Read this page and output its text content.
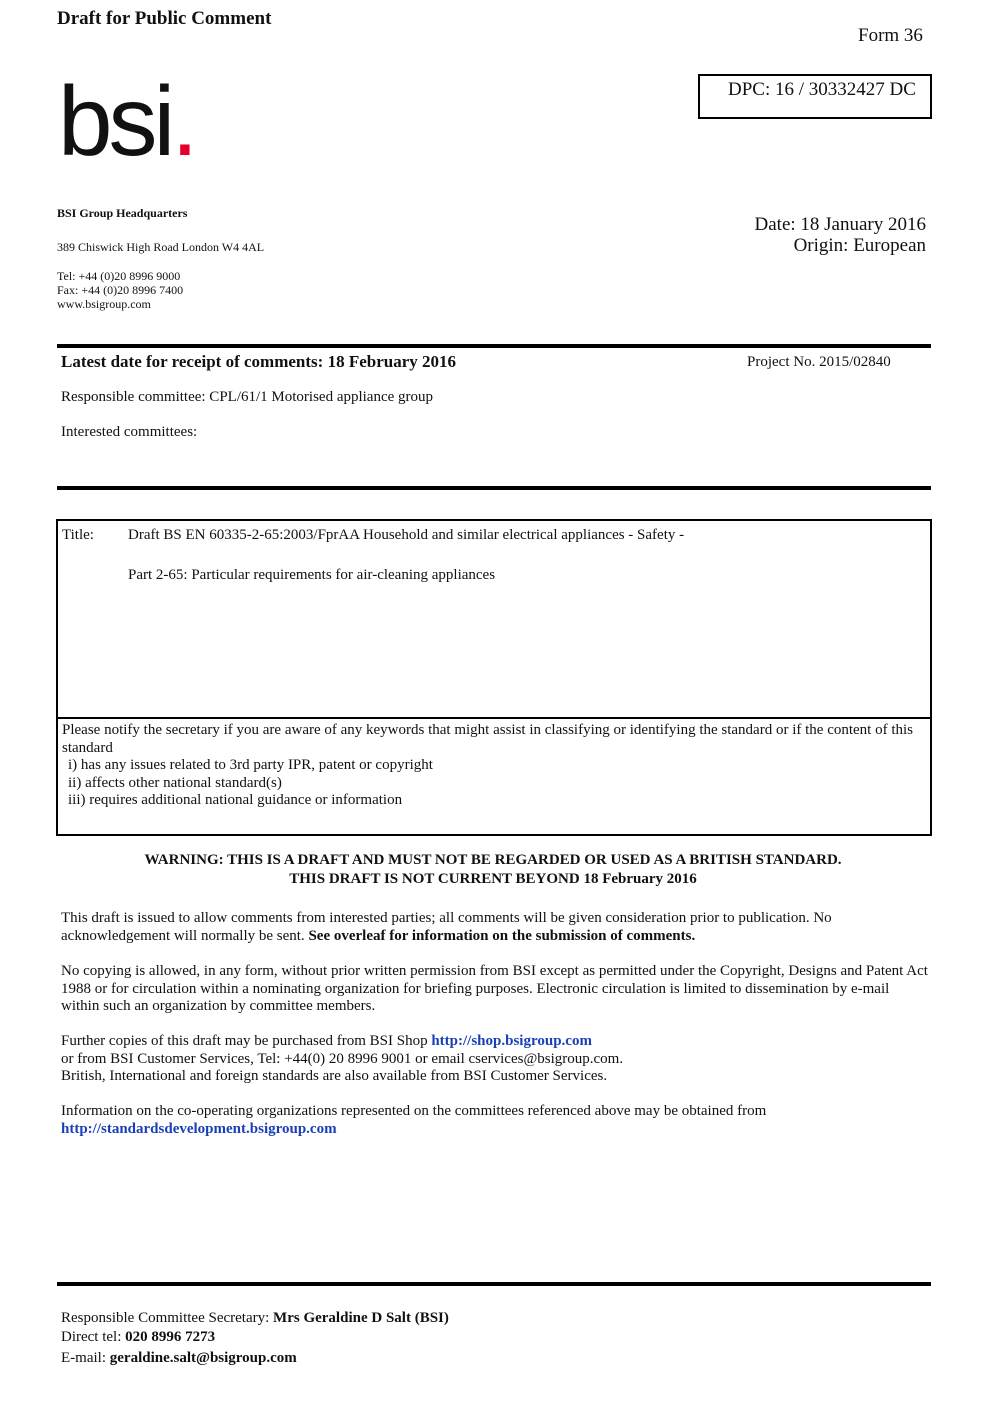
Draft for Public Comment
Form 36
DPC: 16 / 30332427 DC
bsi.
BSI Group Headquarters
389 Chiswick High Road London W4 4AL
Tel: +44 (0)20 8996 9000
Fax: +44 (0)20 8996 7400
www.bsigroup.com
Date: 18 January 2016
Origin: European
Latest date for receipt of comments: 18 February 2016	Project No. 2015/02840
Responsible committee: CPL/61/1 Motorised appliance group
Interested committees:
Title: Draft BS EN 60335-2-65:2003/FprAA Household and similar electrical appliances - Safety -
Part 2-65: Particular requirements for air-cleaning appliances
Please notify the secretary if you are aware of any keywords that might assist in classifying or identifying the standard or if the content of this standard
i) has any issues related to 3rd party IPR, patent or copyright
ii) affects other national standard(s)
iii) requires additional national guidance or information
WARNING: THIS IS A DRAFT AND MUST NOT BE REGARDED OR USED AS A BRITISH STANDARD.
THIS DRAFT IS NOT CURRENT BEYOND 18 February 2016
This draft is issued to allow comments from interested parties; all comments will be given consideration prior to publication. No acknowledgement will normally be sent. See overleaf for information on the submission of comments.
No copying is allowed, in any form, without prior written permission from BSI except as permitted under the Copyright, Designs and Patent Act 1988 or for circulation within a nominating organization for briefing purposes. Electronic circulation is limited to dissemination by e-mail within such an organization by committee members.
Further copies of this draft may be purchased from BSI Shop http://shop.bsigroup.com
or from BSI Customer Services, Tel: +44(0) 20 8996 9001 or email cservices@bsigroup.com.
British, International and foreign standards are also available from BSI Customer Services.
Information on the co-operating organizations represented on the committees referenced above may be obtained from
http://standardsdevelopment.bsigroup.com
Responsible Committee Secretary: Mrs Geraldine D Salt (BSI)
Direct tel: 020 8996 7273
E-mail: geraldine.salt@bsigroup.com
